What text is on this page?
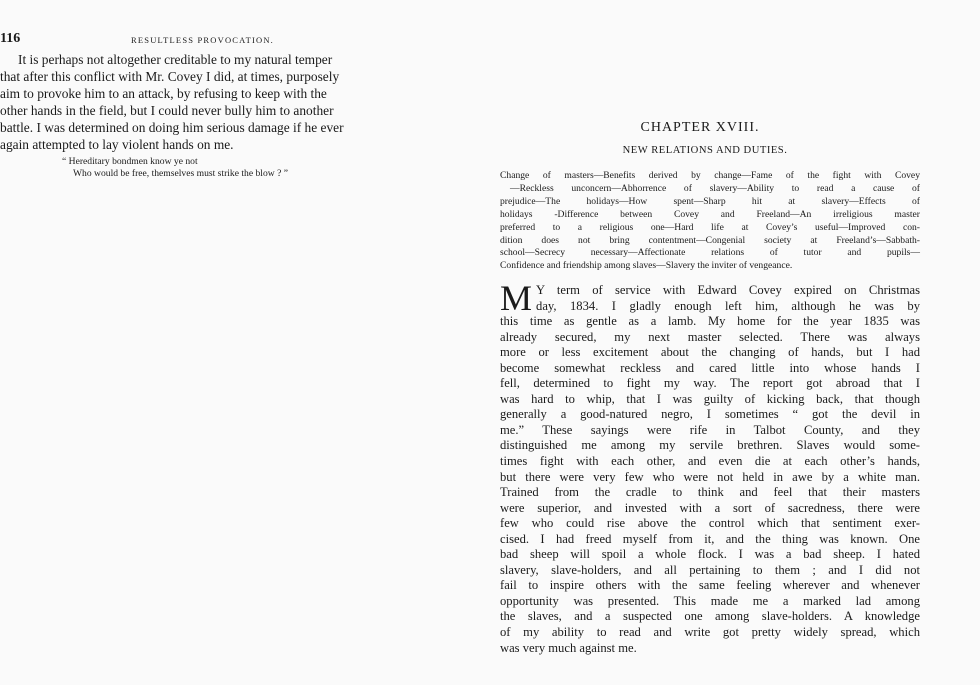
116	RESULTLESS PROVOCATION.
It is perhaps not altogether creditable to my natural temper
that after this conflict with Mr. Covey I did, at times, purposely
aim to provoke him to an attack, by refusing to keep with the
other hands in the field, but I could never bully him to another
battle. I was determined on doing him serious damage if he ever
again attempted to lay violent hands on me.
“ Hereditary bondmen know ye not
Who would be free, themselves must strike the blow ? ”
CHAPTER XVIII.
NEW RELATIONS AND DUTIES.
Change of masters—Benefits derived by change—Fame of the fight with Covey
—Reckless unconcern—Abhorrence of slavery—Ability to read a cause of
prejudice—The holidays—How spent—Sharp hit at slavery—Effects of
holidays -Difference between Covey and Freeland—An irreligious master
preferred to a religious one—Hard life at Covey’s useful—Improved con-
dition does not bring contentment—Congenial society at Freeland’s—Sabbath-
school—Secrecy necessary—Affectionate relations of tutor and pupils—
Confidence and friendship among slaves—Slavery the inviter of vengeance.
M Y term of service with Edward Covey expired on Christmas
day, 1834. I gladly enough left him, although he was by
this time as gentle as a lamb. My home for the year 1835 was
already secured, my next master selected. There was always
more or less excitement about the changing of hands, but I had
become somewhat reckless and cared little into whose hands I
fell, determined to fight my way. The report got abroad that I
was hard to whip, that I was guilty of kicking back, that though
generally a good-natured negro, I sometimes “ got the devil in
me.” These sayings were rife in Talbot County, and they
distinguished me among my servile brethren. Slaves would some-
times fight with each other, and even die at each other’s hands,
but there were very few who were not held in awe by a white man.
Trained from the cradle to think and feel that their masters
were superior, and invested with a sort of sacredness, there were
few who could rise above the control which that sentiment exer-
cised. I had freed myself from it, and the thing was known. One
bad sheep will spoil a whole flock. I was a bad sheep. I hated
slavery, slave-holders, and all pertaining to them ; and I did not
fail to inspire others with the same feeling wherever and whenever
opportunity was presented. This made me a marked lad among
the slaves, and a suspected one among slave-holders. A knowledge
of my ability to read and write got pretty widely spread, which
was very much against me.
